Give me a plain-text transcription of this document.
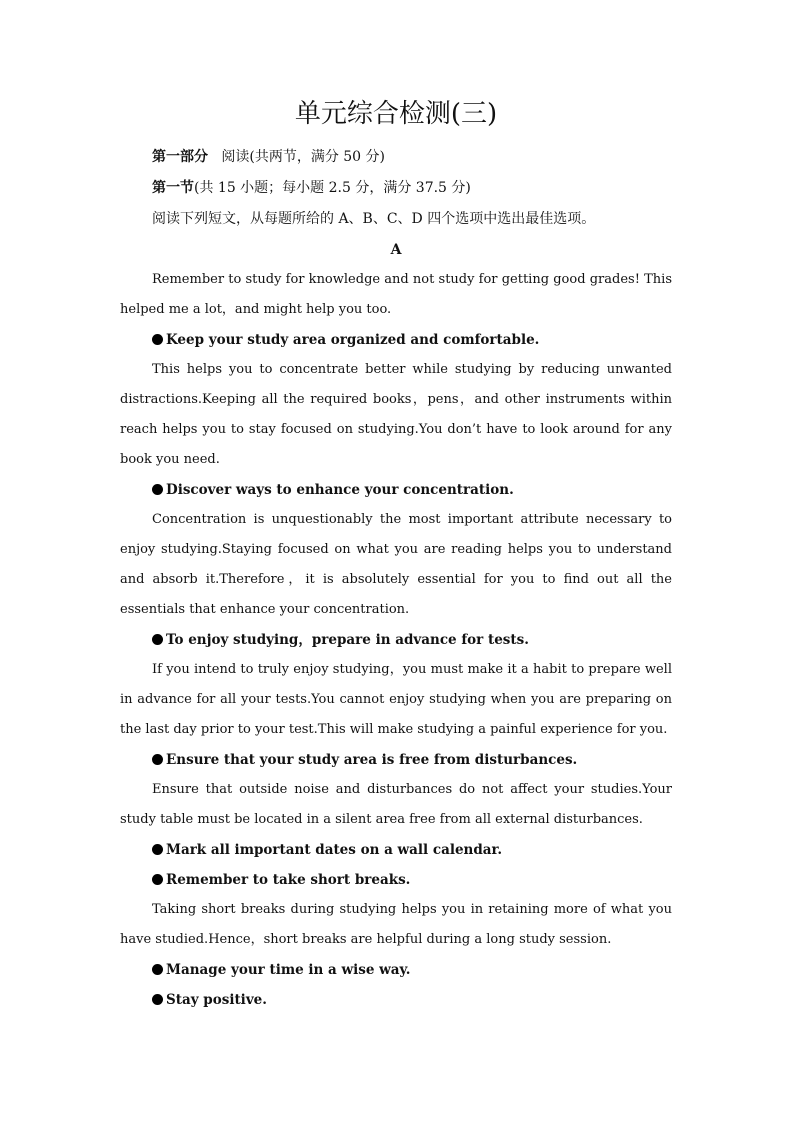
单元综合检测(三)

第一部分 阅读(共两节，满分 50 分)

第一节(共 15 小题；每小题 2.5 分，满分 37.5 分)

阅读下列短文，从每题所给的 A、B、C、D 四个选项中选出最佳选项。

A

Remember to study for knowledge and not study for getting good grades! This helped me a lot，and might help you too.

Keep your study area organized and comfortable.

This helps you to concentrate better while studying by reducing unwanted distractions.Keeping all the required books，pens，and other instruments within reach helps you to stay focused on studying.You don’t have to look around for any book you need.

Discover ways to enhance your concentration.

Concentration is unquestionably the most important attribute necessary to enjoy studying.Staying focused on what you are reading helps you to understand and absorb it.Therefore，it is absolutely essential for you to find out all the essentials that enhance your concentration.

To enjoy studying，prepare in advance for tests.

If you intend to truly enjoy studying，you must make it a habit to prepare well in advance for all your tests.You cannot enjoy studying when you are preparing on the last day prior to your test.This will make studying a painful experience for you.

Ensure that your study area is free from disturbances.

Ensure that outside noise and disturbances do not affect your studies.Your study table must be located in a silent area free from all external disturbances.

Mark all important dates on a wall calendar.

Remember to take short breaks.

Taking short breaks during studying helps you in retaining more of what you have studied.Hence，short breaks are helpful during a long study session.

Manage your time in a wise way.

Stay positive.
